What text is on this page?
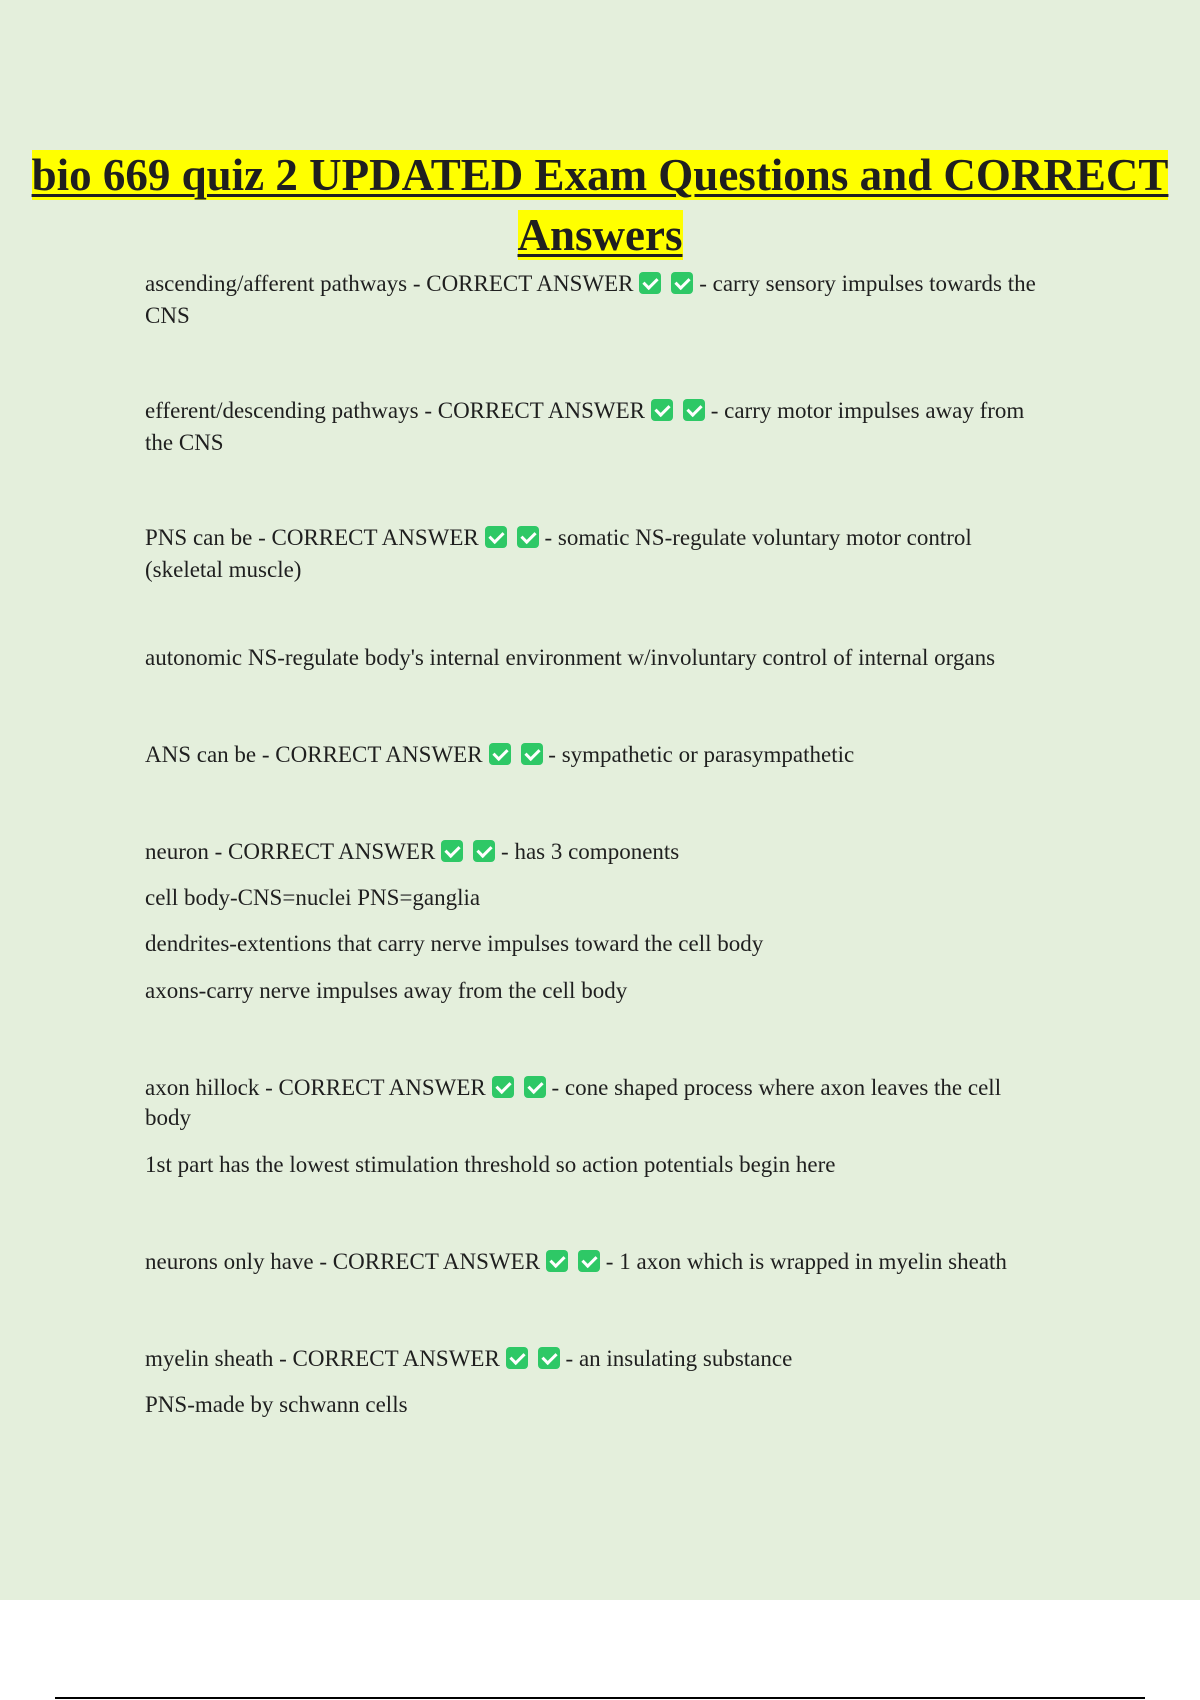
bio 669 quiz 2 UPDATED Exam Questions and CORRECT Answers
ascending/afferent pathways - CORRECT ANSWER	- carry sensory impulses towards the
CNS
efferent/descending pathways - CORRECT ANSWER	- carry motor impulses away from
the CNS
PNS can be - CORRECT ANSWER	- somatic NS-regulate voluntary motor control
(skeletal muscle)
autonomic NS-regulate body's internal environment w/involuntary control of internal organs
ANS can be - CORRECT ANSWER	- sympathetic or parasympathetic
neuron - CORRECT ANSWER	- has 3 components
cell body-CNS=nuclei PNS=ganglia
dendrites-extentions that carry nerve impulses toward the cell body
axons-carry nerve impulses away from the cell body
axon hillock - CORRECT ANSWER	- cone shaped process where axon leaves the cell
body
1st part has the lowest stimulation threshold so action potentials begin here
neurons only have - CORRECT ANSWER	- 1 axon which is wrapped in myelin sheath
myelin sheath - CORRECT ANSWER	- an insulating substance
PNS-made by schwann cells
